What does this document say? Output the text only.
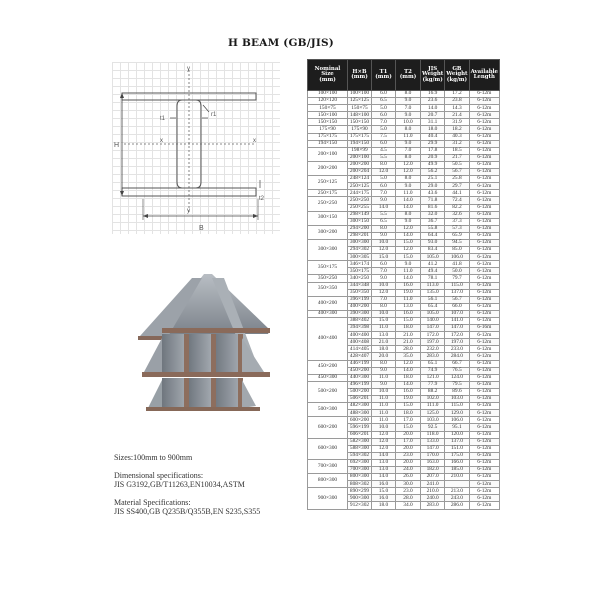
H BEAM (GB/JIS)
y
y
x	x
H
B
t1
t2
r1
Sizes:100mm to 900mm
Dimensional specifications:
JIS G3192,GB/T11263,EN10034,ASTM
Material Specifications:
JIS SS400,GB Q235B/Q355B,EN S235,S355
Nominal
Size
(mm)

H×B
(mm)

T1
(mm)

T2
(mm)

JIS
Weight
(kg/m)

GB
Weight
(kg/m)

Available
Length

100×100	100×100	6.0	8.0	16.9	17.2	6-12m
120×120	125×125	6.5	9.0	23.6	23.8	6-12m
150×75	150×75	5.0	7.0	14.0	14.3	6-12m
150×100	148×100	6.0	9.0	20.7	21.4	6-12m
150×150	150×150	7.0	10.0	31.1	31.9	6-12m
175×90	175×90	5.0	8.0	18.0	18.2	6-12m
175×175	175×175	7.5	11.0	40.4	40.3	6-12m
194×150	194×150	6.0	9.0	29.9	31.2	6-12m
200×100	198×99	4.5	7.0	17.8	18.5	6-12m
	200×100	5.5	8.0	20.9	21.7	6-12m
200×200	200×200	8.0	12.0	49.9	50.5	6-12m
	200×204	12.0	12.0	56.2	56.7	6-12m
250×125	248×124	5.0	8.0	25.1	25.8	6-12m
	250×125	6.0	9.0	29.0	29.7	6-12m
250×175	244×175	7.0	11.0	43.6	44.1	6-12m
250×250	250×250	9.0	14.0	71.8	72.4	6-12m
	250×255	14.0	14.0	81.6	82.2	6-12m
300×150	298×149	5.5	8.0	32.0	32.6	6-12m
	300×150	6.5	9.0	36.7	37.3	6-12m
300×200	294×200	8.0	12.0	55.8	57.3	6-12m
	298×201	9.0	14.0	64.4	65.9	6-12m
300×300	300×300	10.0	15.0	93.0	94.5	6-12m
	294×302	12.0	12.0	83.4	85.0	6-12m
	300×305	15.0	15.0	105.0	106.0	6-12m
350×175	346×174	6.0	9.0	41.2	41.8	6-12m
	350×175	7.0	11.0	49.4	50.0	6-12m
350×250	340×250	9.0	14.0	78.1	79.7	6-12m
350×350	344×348	10.0	16.0	113.0	115.0	6-12m
	350×350	12.0	19.0	135.0	137.0	6-12m
400×200	396×199	7.0	11.0	56.1	56.7	6-12m
	400×200	8.0	13.0	65.4	66.0	6-12m
400×300	390×300	10.0	16.0	105.0	107.0	6-12m
400×400	388×402	15.0	15.0	140.0	141.0	6-12m
	394×398	11.0	18.0	147.0	147.0	6-16m
	400×400	13.0	21.0	172.0	172.0	6-12m
	400×408	21.0	21.0	197.0	197.0	6-12m
	414×405	18.0	28.0	232.0	233.0	6-12m
	428×407	20.0	35.0	283.0	284.0	6-12m
450×200	446×199	8.0	12.0	65.1	66.7	6-12m
	450×200	9.0	14.0	74.9	76.5	6-12m
450×300	440×300	11.0	18.0	121.0	124.0	6-12m
500×200	496×199	9.0	14.0	77.9	79.5	6-12m
	500×200	10.0	16.0	88.2	89.6	6-12m
	506×201	11.0	19.0	102.0	103.0	6-12m
500×300	482×300	11.0	15.0	111.0	115.0	6-12m
	488×300	11.0	18.0	125.0	129.0	6-12m
600×200	600×200	11.0	17.0	103.0	106.0	6-12m
	596×199	10.0	15.0	92.5	95.1	6-12m
	606×201	12.0	20.0	118.0	120.0	6-12m
600×300	582×300	12.0	17.0	133.0	137.0	6-12m
	588×300	12.0	20.0	147.0	151.0	6-12m
	594×302	14.0	23.0	170.0	175.0	6-12m
700×300	692×300	13.0	20.0	163.0	166.0	6-12m
	700×300	13.0	24.0	182.0	185.0	6-12m
800×300	800×300	14.0	26.0	207.0	210.0	6-12m
	808×302	16.0	30.0	241.0		6-12m
900×300	890×299	15.0	23.0	210.0	213.0	6-12m
	900×300	16.0	28.0	240.0	243.0	6-12m
	912×302	18.0	34.0	283.0	286.0	6-12m
